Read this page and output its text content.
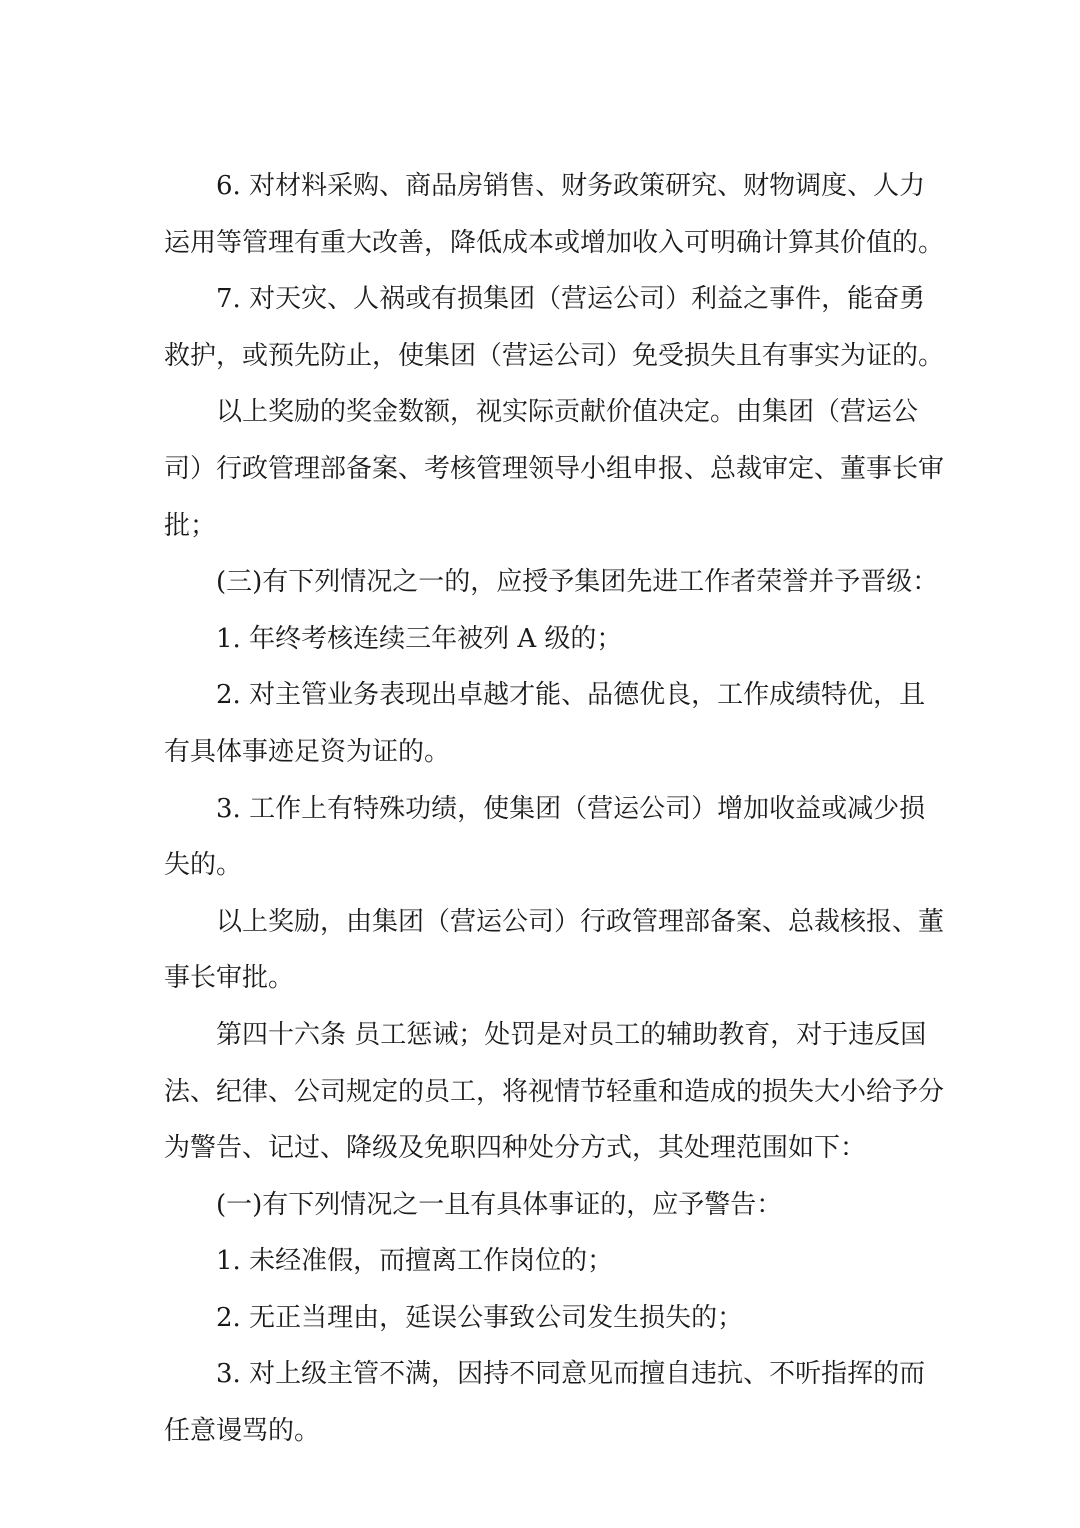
6. 对材料采购、商品房销售、财务政策研究、财物调度、人力运用等管理有重大改善，降低成本或增加收入可明确计算其价值的。

7. 对天灾、人祸或有损集团（营运公司）利益之事件，能奋勇救护，或预先防止，使集团（营运公司）免受损失且有事实为证的。

以上奖励的奖金数额，视实际贡献价值决定。由集团（营运公司）行政管理部备案、考核管理领导小组申报、总裁审定、董事长审批；

(三)有下列情况之一的，应授予集团先进工作者荣誉并予晋级：

1. 年终考核连续三年被列 A 级的；

2. 对主管业务表现出卓越才能、品德优良，工作成绩特优，且有具体事迹足资为证的。

3. 工作上有特殊功绩，使集团（营运公司）增加收益或减少损失的。

以上奖励，由集团（营运公司）行政管理部备案、总裁核报、董事长审批。

第四十六条 员工惩诫；处罚是对员工的辅助教育，对于违反国法、纪律、公司规定的员工，将视情节轻重和造成的损失大小给予分为警告、记过、降级及免职四种处分方式，其处理范围如下：

(一)有下列情况之一且有具体事证的，应予警告：

1. 未经准假，而擅离工作岗位的；

2. 无正当理由，延误公事致公司发生损失的；

3. 对上级主管不满，因持不同意见而擅自违抗、不听指挥的而任意谩骂的。
